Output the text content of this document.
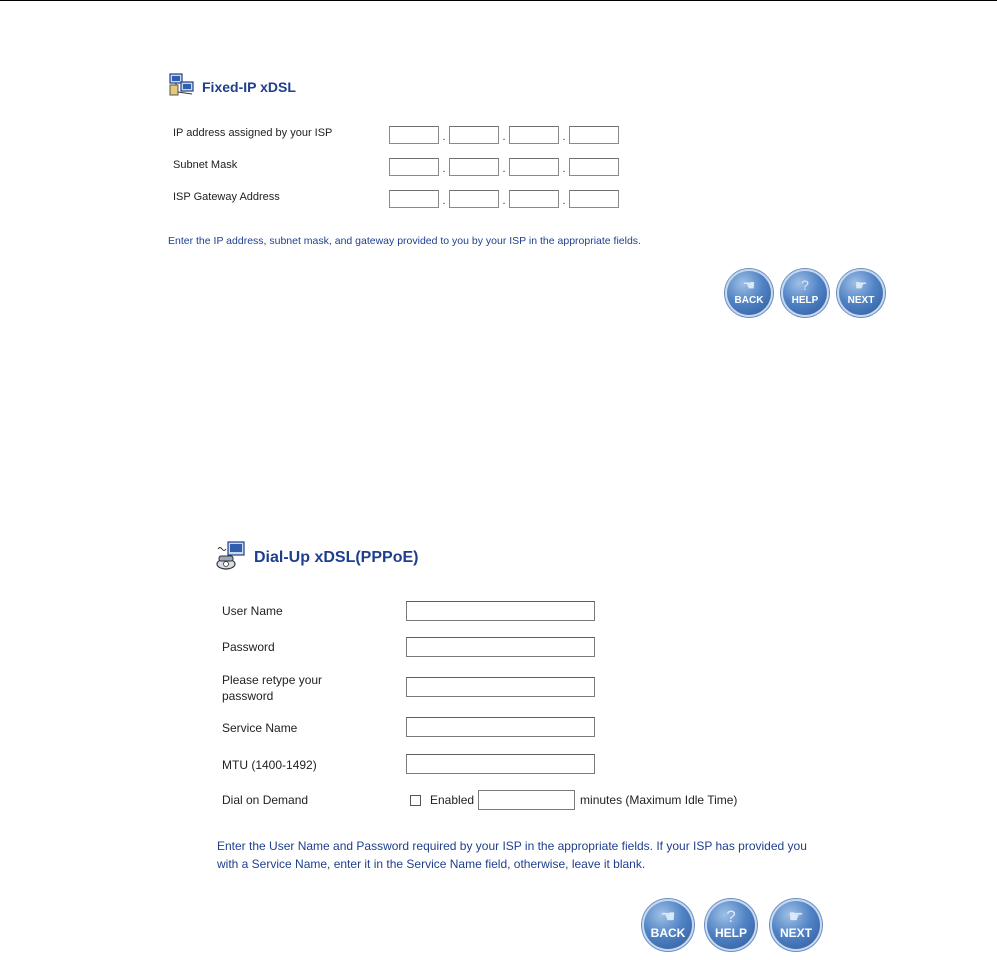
Fixed-IP xDSL
IP address assigned by your ISP	.	.	.
Subnet Mask	.	.	.
ISP Gateway Address	.	.	.
Enter the IP address, subnet mask, and gateway provided to you by your ISP in the appropriate fields.
☚
BACK
?
HELP
☛
NEXT
Dial-Up xDSL(PPPoE)
User Name
Password
Please retype your password
Service Name
MTU (1400-1492)
Dial on Demand	Enabled	minutes (Maximum Idle Time)
Enter the User Name and Password required by your ISP in the appropriate fields. If your ISP has provided you with a Service Name, enter it in the Service Name field, otherwise, leave it blank.
☚
BACK
?
HELP
☛
NEXT
